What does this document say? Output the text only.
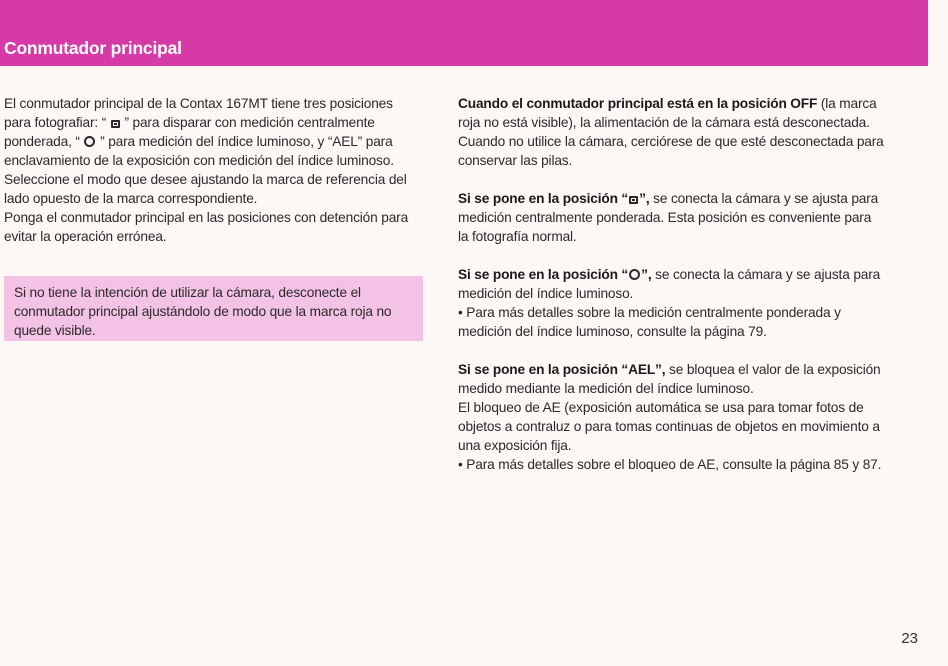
Conmutador principal

El conmutador principal de la Contax 167MT tiene tres posiciones para fotografiar: “  ” para disparar con medición centralmente ponderada, “  ” para medición del índice luminoso, y “AEL” para enclavamiento de la exposición con medición del índice luminoso. Seleccione el modo que desee ajustando la marca de referencia del lado opuesto de la marca correspondiente.

Ponga el conmutador principal en las posiciones con detención para evitar la operación errónea.

Si no tiene la intención de utilizar la cámara, desconecte el conmutador principal ajustándolo de modo que la marca roja no quede visible.

Cuando el conmutador principal está en la posición OFF (la marca roja no está visible), la alimentación de la cámara está desconectada. Cuando no utilice la cámara, cerciórese de que esté desconectada para conservar las pilas.

Si se pone en la posición “ ”, se conecta la cámara y se ajusta para medición centralmente ponderada. Esta posición es conveniente para la fotografía normal.

Si se pone en la posición “ ”, se conecta la cámara y se ajusta para medición del índice luminoso.

• Para más detalles sobre la medición centralmente ponderada y medición del índice luminoso, consulte la página 79.

Si se pone en la posición “AEL”, se bloquea el valor de la exposición medido mediante la medición del índice luminoso.

El bloqueo de AE (exposición automática se usa para tomar fotos de objetos a contraluz o para tomas continuas de objetos en movimiento a una exposición fija.

• Para más detalles sobre el bloqueo de AE, consulte la página 85 y 87.

23
